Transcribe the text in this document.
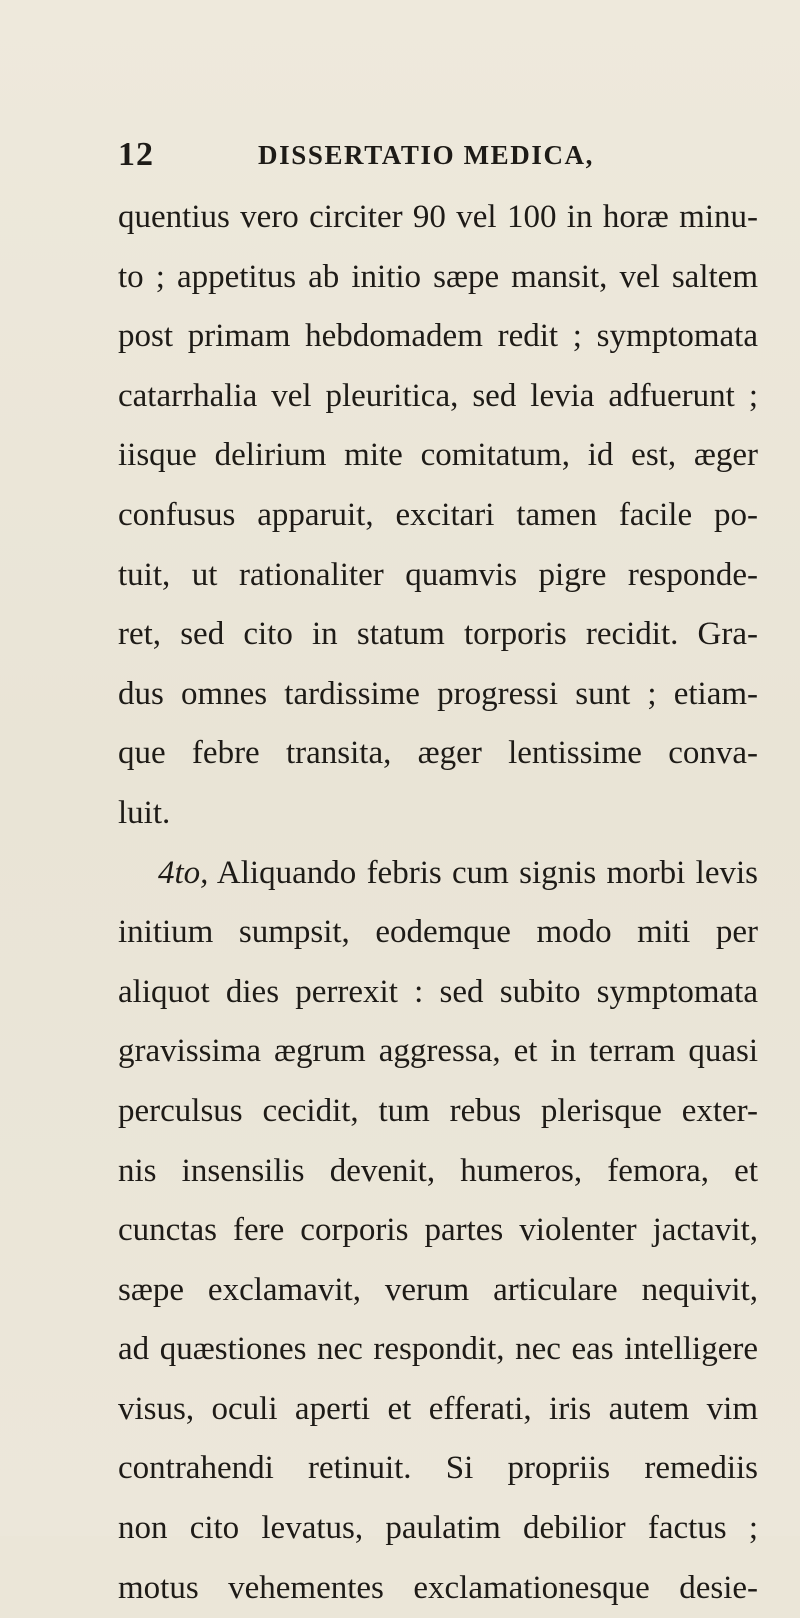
12	DISSERTATIO MEDICA,
quentius vero circiter 90 vel 100 in horæ minu-
to ; appetitus ab initio sæpe mansit, vel saltem
post primam hebdomadem redit ; symptomata
catarrhalia vel pleuritica, sed levia adfuerunt ;
iisque delirium mite comitatum, id est, æger
confusus apparuit, excitari tamen facile po-
tuit, ut rationaliter quamvis pigre responde-
ret, sed cito in statum torporis recidit. Gra-
dus omnes tardissime progressi sunt ; etiam-
que febre transita, æger lentissime conva-
luit.
4to, Aliquando febris cum signis morbi levis
initium sumpsit, eodemque modo miti per
aliquot dies perrexit : sed subito symptomata
gravissima ægrum aggressa, et in terram quasi
perculsus cecidit, tum rebus plerisque exter-
nis insensilis devenit, humeros, femora, et
cunctas fere corporis partes violenter jactavit,
sæpe exclamavit, verum articulare nequivit,
ad quæstiones nec respondit, nec eas intelligere
visus, oculi aperti et efferati, iris autem vim
contrahendi retinuit. Si propriis remediis
non cito levatus, paulatim debilior factus ;
motus vehementes exclamationesque desie-
